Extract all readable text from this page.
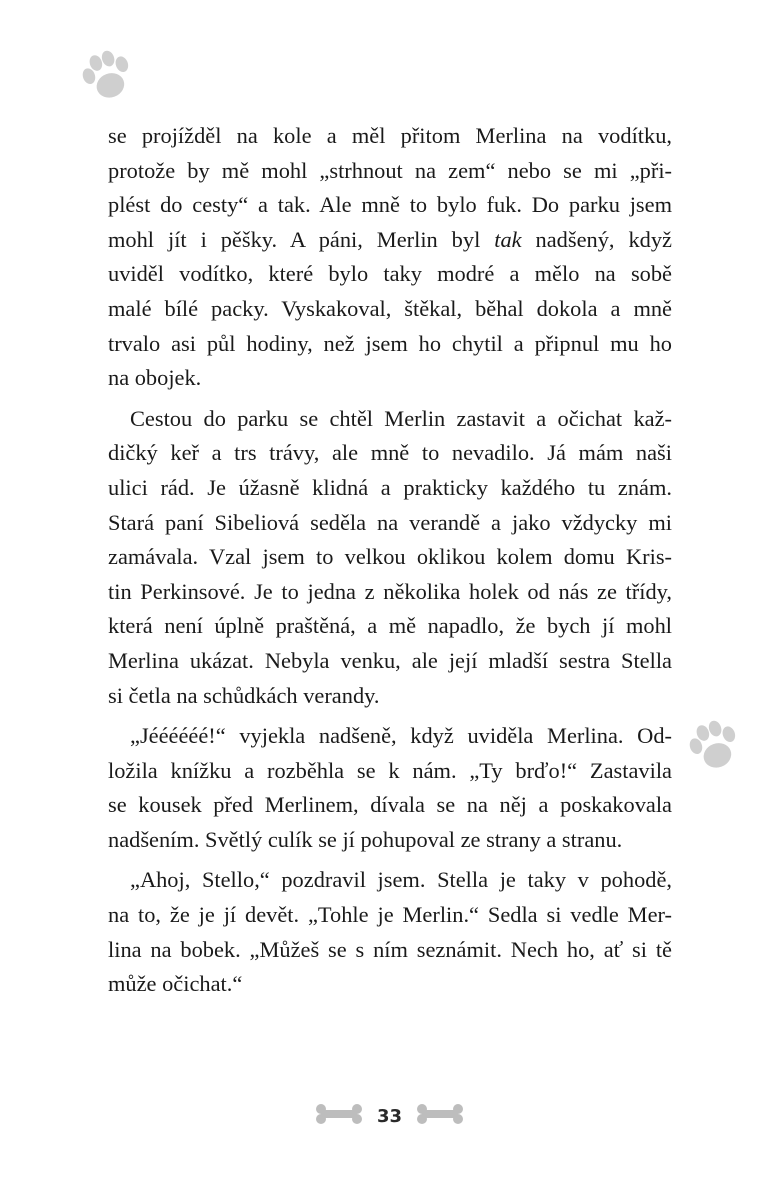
se projížděl na kole a měl přitom Merlina na vodítku,
protože by mě mohl „strhnout na zem“ nebo se mi „při-
plést do cesty“ a tak. Ale mně to bylo fuk. Do parku jsem
mohl jít i pěšky. A páni, Merlin byl tak nadšený, když
uviděl vodítko, které bylo taky modré a mělo na sobě
malé bílé packy. Vyskakoval, štěkal, běhal dokola a mně
trvalo asi půl hodiny, než jsem ho chytil a připnul mu ho
na obojek.
Cestou do parku se chtěl Merlin zastavit a očichat kaž-
dičký keř a trs trávy, ale mně to nevadilo. Já mám naši
ulici rád. Je úžasně klidná a prakticky každého tu znám.
Stará paní Sibeliová seděla na verandě a jako vždycky mi
zamávala. Vzal jsem to velkou oklikou kolem domu Kris-
tin Perkinsové. Je to jedna z několika holek od nás ze třídy,
která není úplně praštěná, a mě napadlo, že bych jí mohl
Merlina ukázat. Nebyla venku, ale její mladší sestra Stella
si četla na schůdkách verandy.
„Jéééééé!“ vyjekla nadšeně, když uviděla Merlina. Od-
ložila knížku a rozběhla se k nám. „Ty brďo!“ Zastavila
se kousek před Merlinem, dívala se na něj a poskakovala
nadšením. Světlý culík se jí pohupoval ze strany a stranu.
„Ahoj, Stello,“ pozdravil jsem. Stella je taky v pohodě,
na to, že je jí devět. „Tohle je Merlin.“ Sedla si vedle Mer-
lina na bobek. „Můžeš se s ním seznámit. Nech ho, ať si tě
může očichat.“
33
